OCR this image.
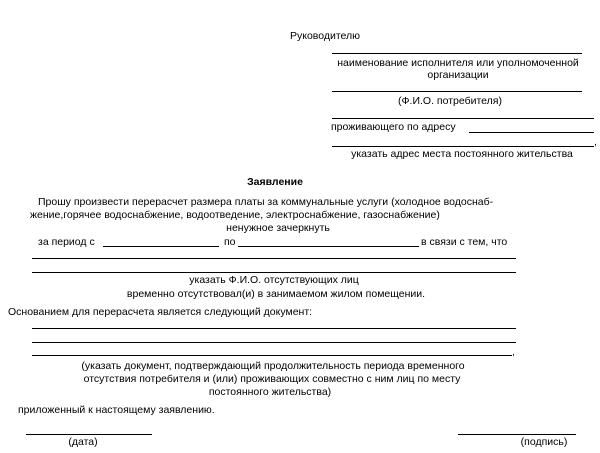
Руководителю
наименование исполнителя или уполномоченной
организации
(Ф.И.О. потребителя)
проживающего по адресу
,
указать адрес места постоянного жительства
Заявление
Прошу произвести перерасчет размера платы за коммунальные услуги (холодное водоснаб-
жение,горячее водоснабжение, водоотведение, электроснабжение, газоснабжение)
ненужное зачеркнуть
за период с	по	в связи с тем, что
указать Ф.И.О. отсутствующих лиц
временно отсутствовал(и) в занимаемом жилом помещении.
Основанием для перерасчета является следующий документ:
,
(указать документ, подтверждающий продолжительность периода временного
отсутствия потребителя и (или) проживающих совместно с ним лиц по месту
постоянного жительства)
приложенный к настоящему заявлению.
(дата)	(подпись)
